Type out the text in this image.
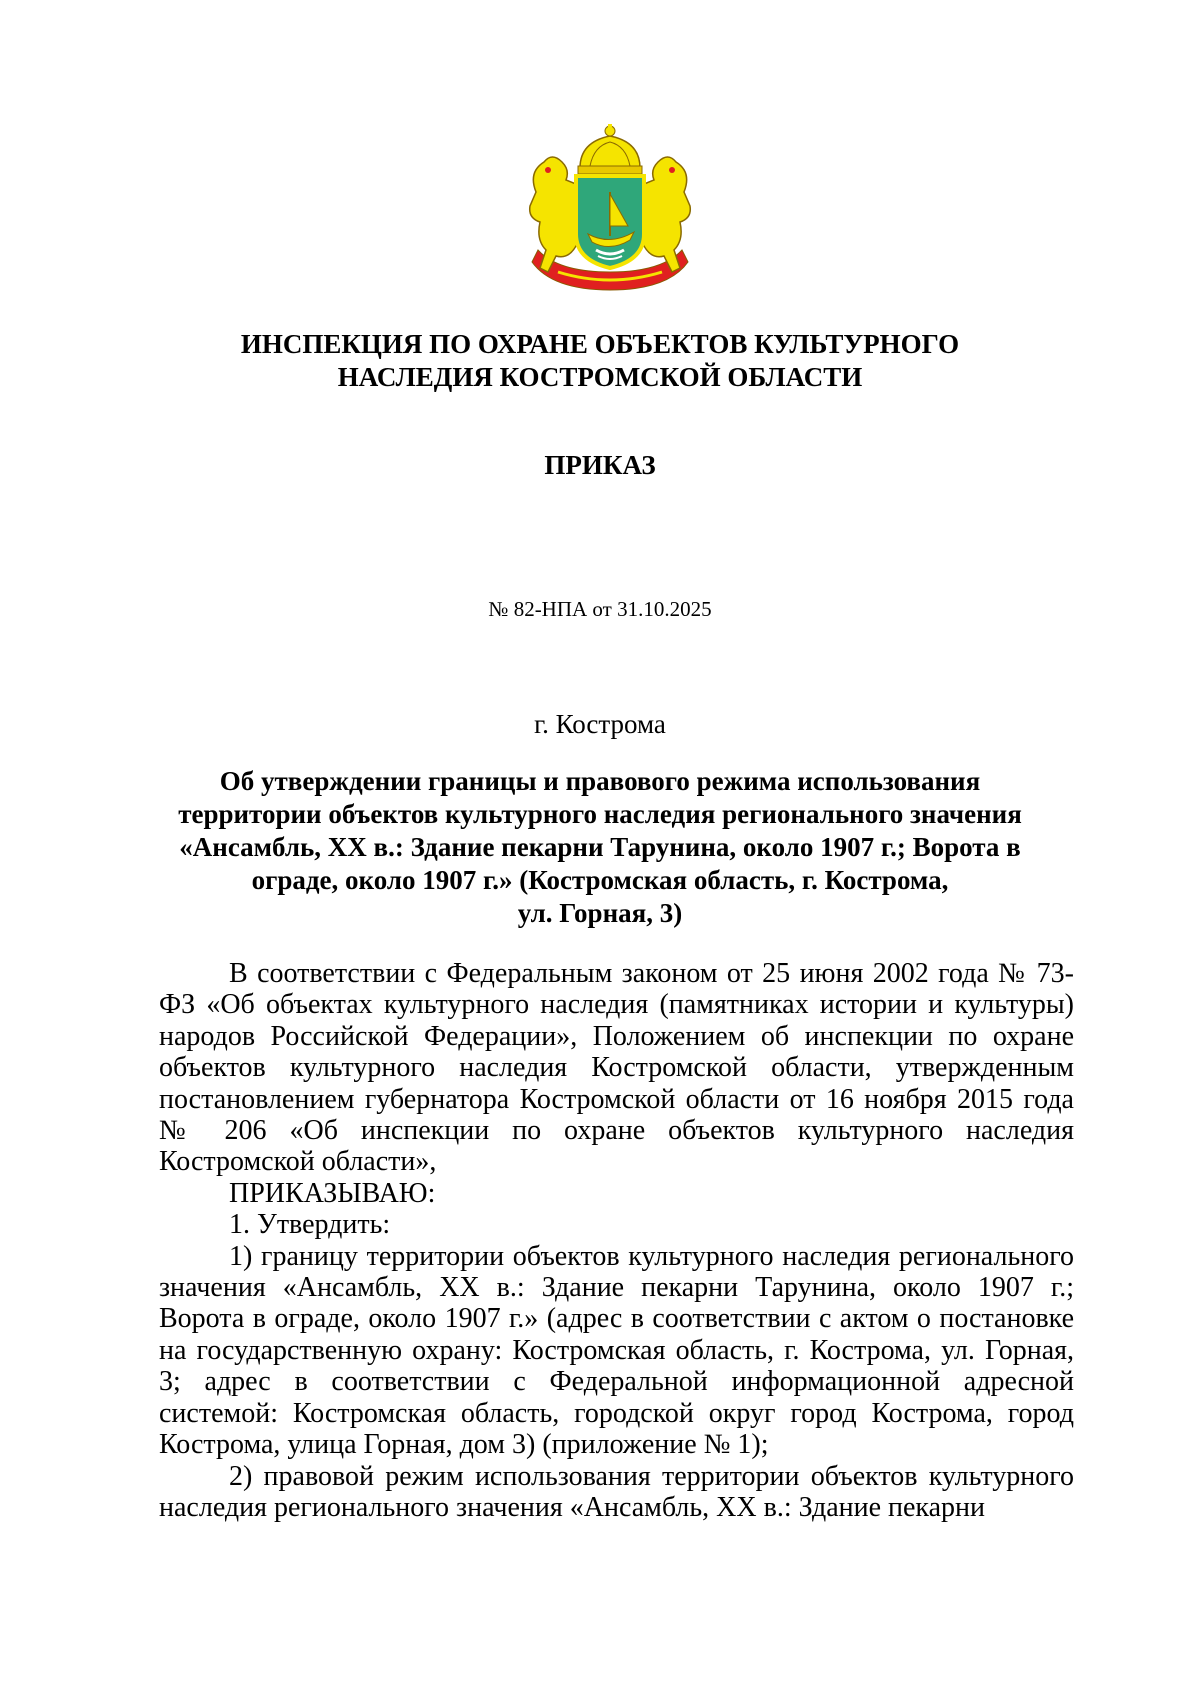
ИНСПЕКЦИЯ ПО ОХРАНЕ ОБЪЕКТОВ КУЛЬТУРНОГО
НАСЛЕДИЯ КОСТРОМСКОЙ ОБЛАСТИ
ПРИКАЗ
№ 82-НПА от 31.10.2025
г. Кострома
Об утверждении границы и правового режима использования
территории объектов культурного наследия регионального значения
«Ансамбль, ХХ в.: Здание пекарни Тарунина, около 1907 г.; Ворота в
ограде, около 1907 г.» (Костромская область, г. Кострома,
ул. Горная, 3)

В соответствии с Федеральным законом от 25 июня 2002 года № 73-ФЗ «Об объектах культурного наследия (памятниках истории и культуры) народов Российской Федерации», Положением об инспекции по охране объектов культурного наследия Костромской области, утвержденным постановлением губернатора Костромской области от 16 ноября 2015 года № 206 «Об инспекции по охране объектов культурного наследия Костромской области»,

ПРИКАЗЫВАЮ:

1. Утвердить:

1) границу территории объектов культурного наследия регионального значения «Ансамбль, ХХ в.: Здание пекарни Тарунина, около 1907 г.; Ворота в ограде, около 1907 г.» (адрес в соответствии с актом о постановке на государственную охрану: Костромская область, г. Кострома, ул. Горная, 3; адрес в соответствии с Федеральной информационной адресной системой: Костромская область, городской округ город Кострома, город Кострома, улица Горная, дом 3) (приложение № 1);

2) правовой режим использования территории объектов культурного наследия регионального значения «Ансамбль, ХХ в.: Здание пекарни
